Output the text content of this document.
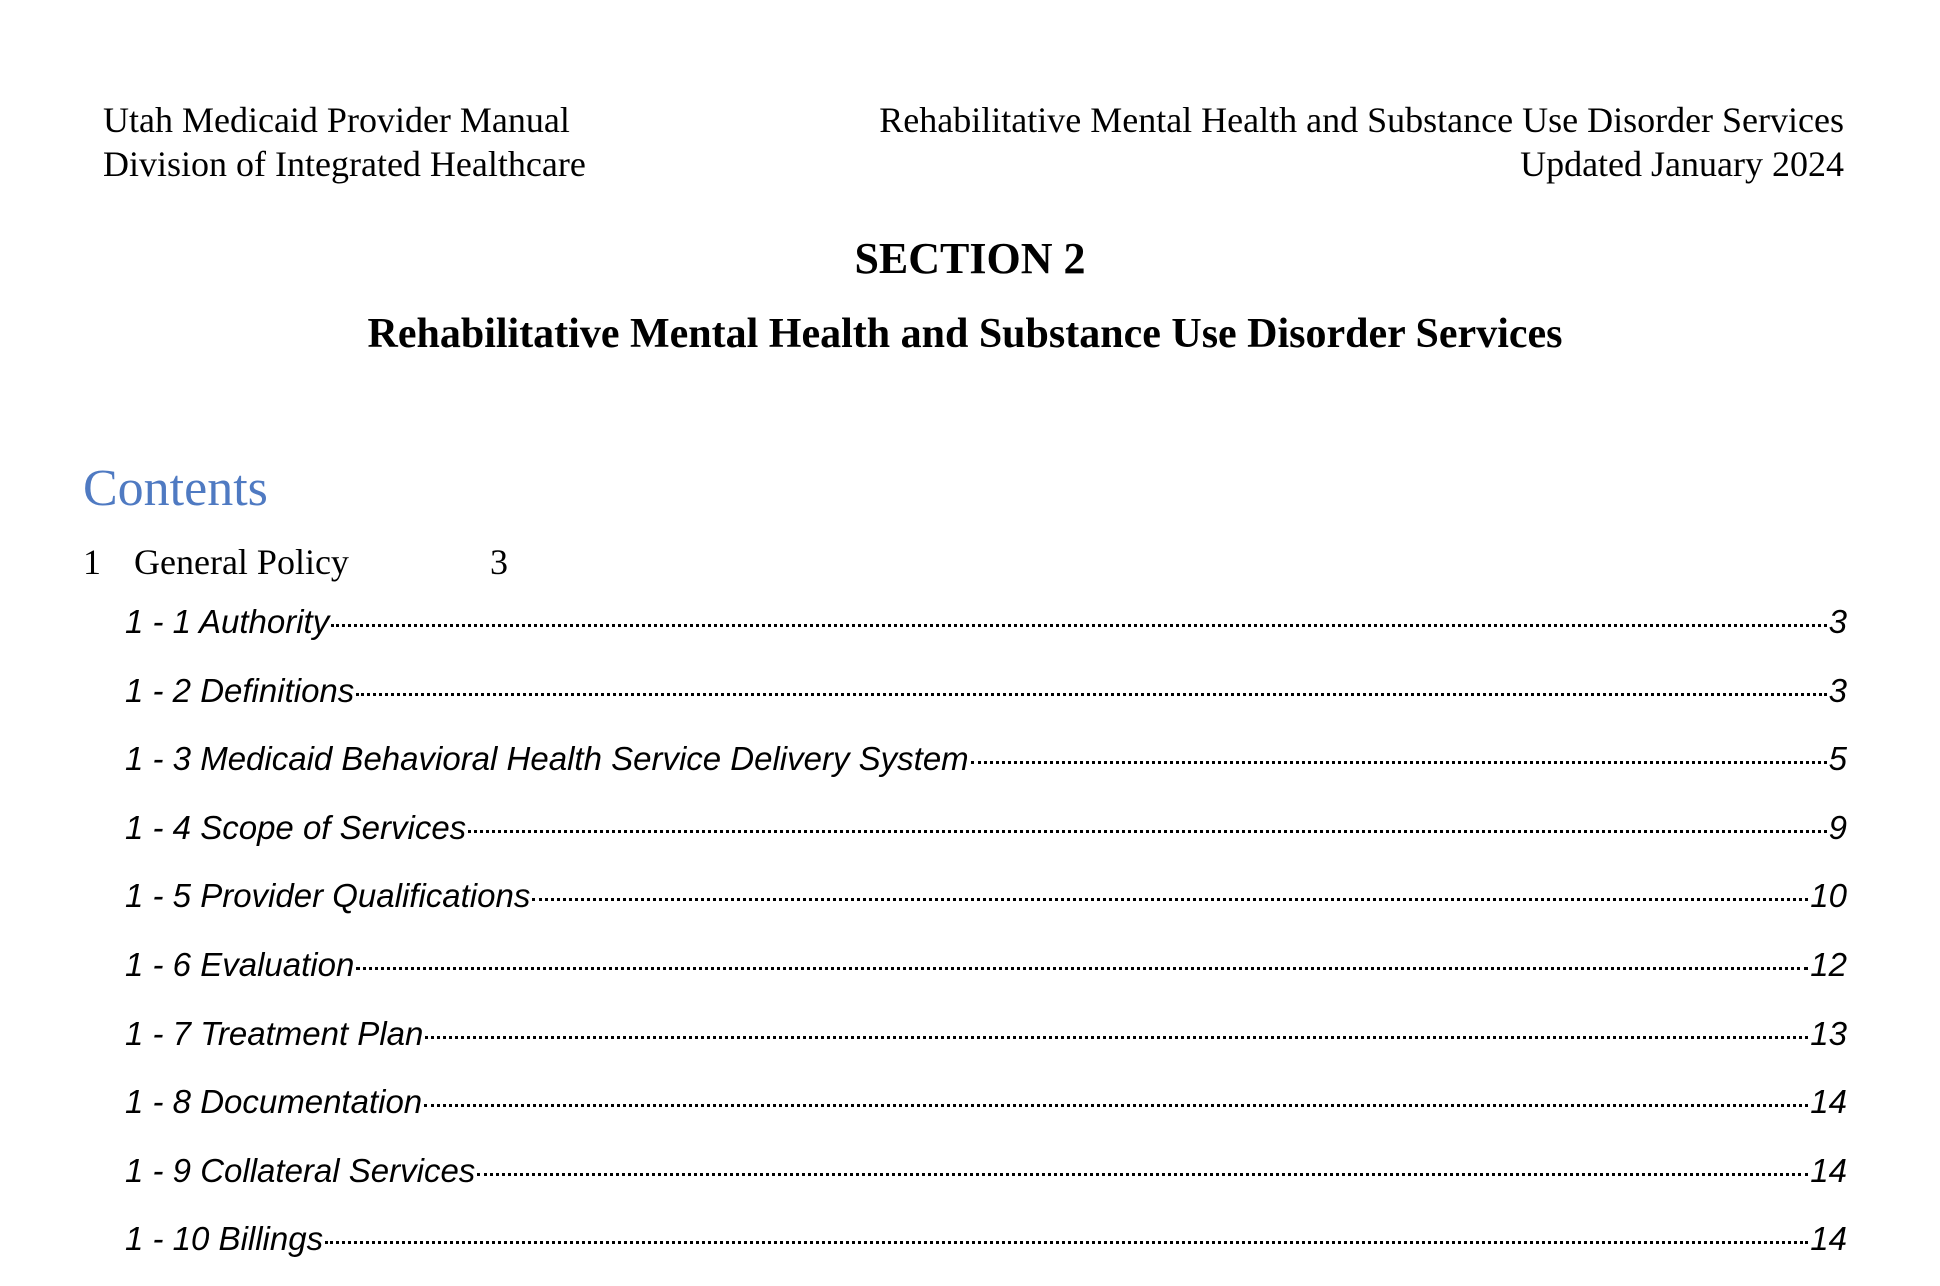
Utah Medicaid Provider Manual
Division of Integrated Healthcare
Rehabilitative Mental Health and Substance Use Disorder Services
Updated January 2024
SECTION 2
Rehabilitative Mental Health and Substance Use Disorder Services
Contents
1 General Policy	3
1 - 1 Authority	3
1 - 2 Definitions	3
1 - 3 Medicaid Behavioral Health Service Delivery System	5
1 - 4 Scope of Services	9
1 - 5 Provider Qualifications	10
1 - 6 Evaluation	12
1 - 7 Treatment Plan	13
1 - 8 Documentation	14
1 - 9 Collateral Services	14
1 - 10 Billings	14
